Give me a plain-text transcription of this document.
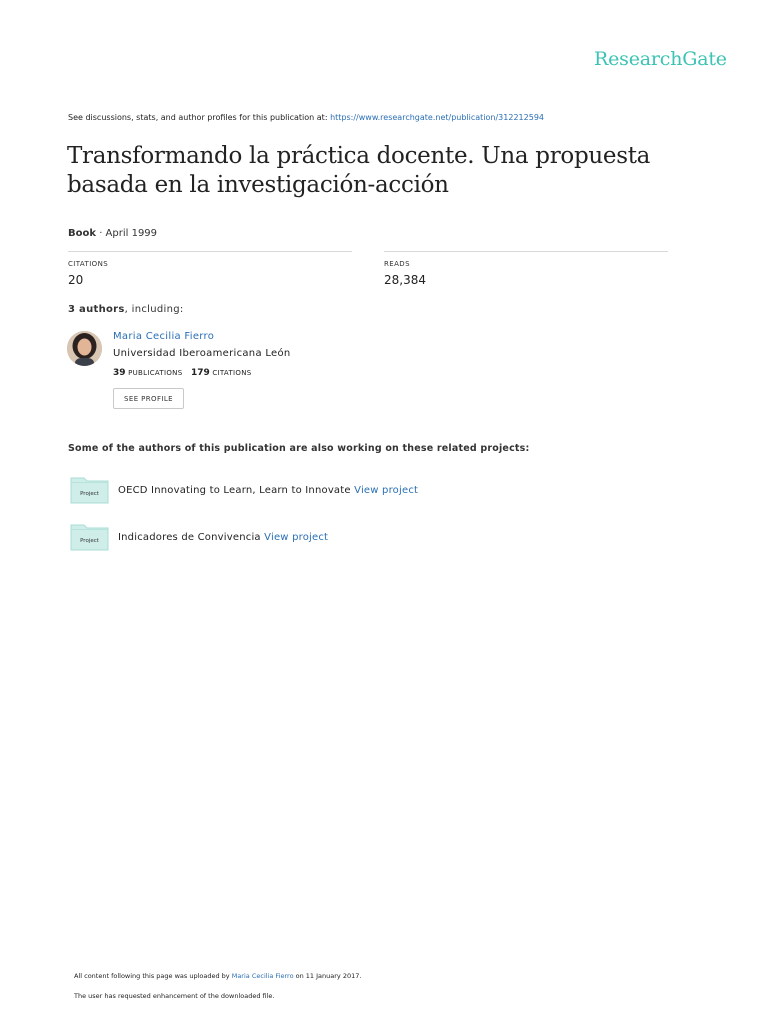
ResearchGate
See discussions, stats, and author profiles for this publication at: https://www.researchgate.net/publication/312212594
Transformando la práctica docente. Una propuesta basada en la investigación-acción
Book · April 1999
CITATIONS
20
READS
28,384
3 authors, including:
Maria Cecilia Fierro
Universidad Iberoamericana León
39 PUBLICATIONS 179 CITATIONS
SEE PROFILE
Some of the authors of this publication are also working on these related projects:
Project OECD Innovating to Learn, Learn to Innovate View project
Project Indicadores de Convivencia View project
All content following this page was uploaded by Maria Cecilia Fierro on 11 January 2017.
The user has requested enhancement of the downloaded file.
